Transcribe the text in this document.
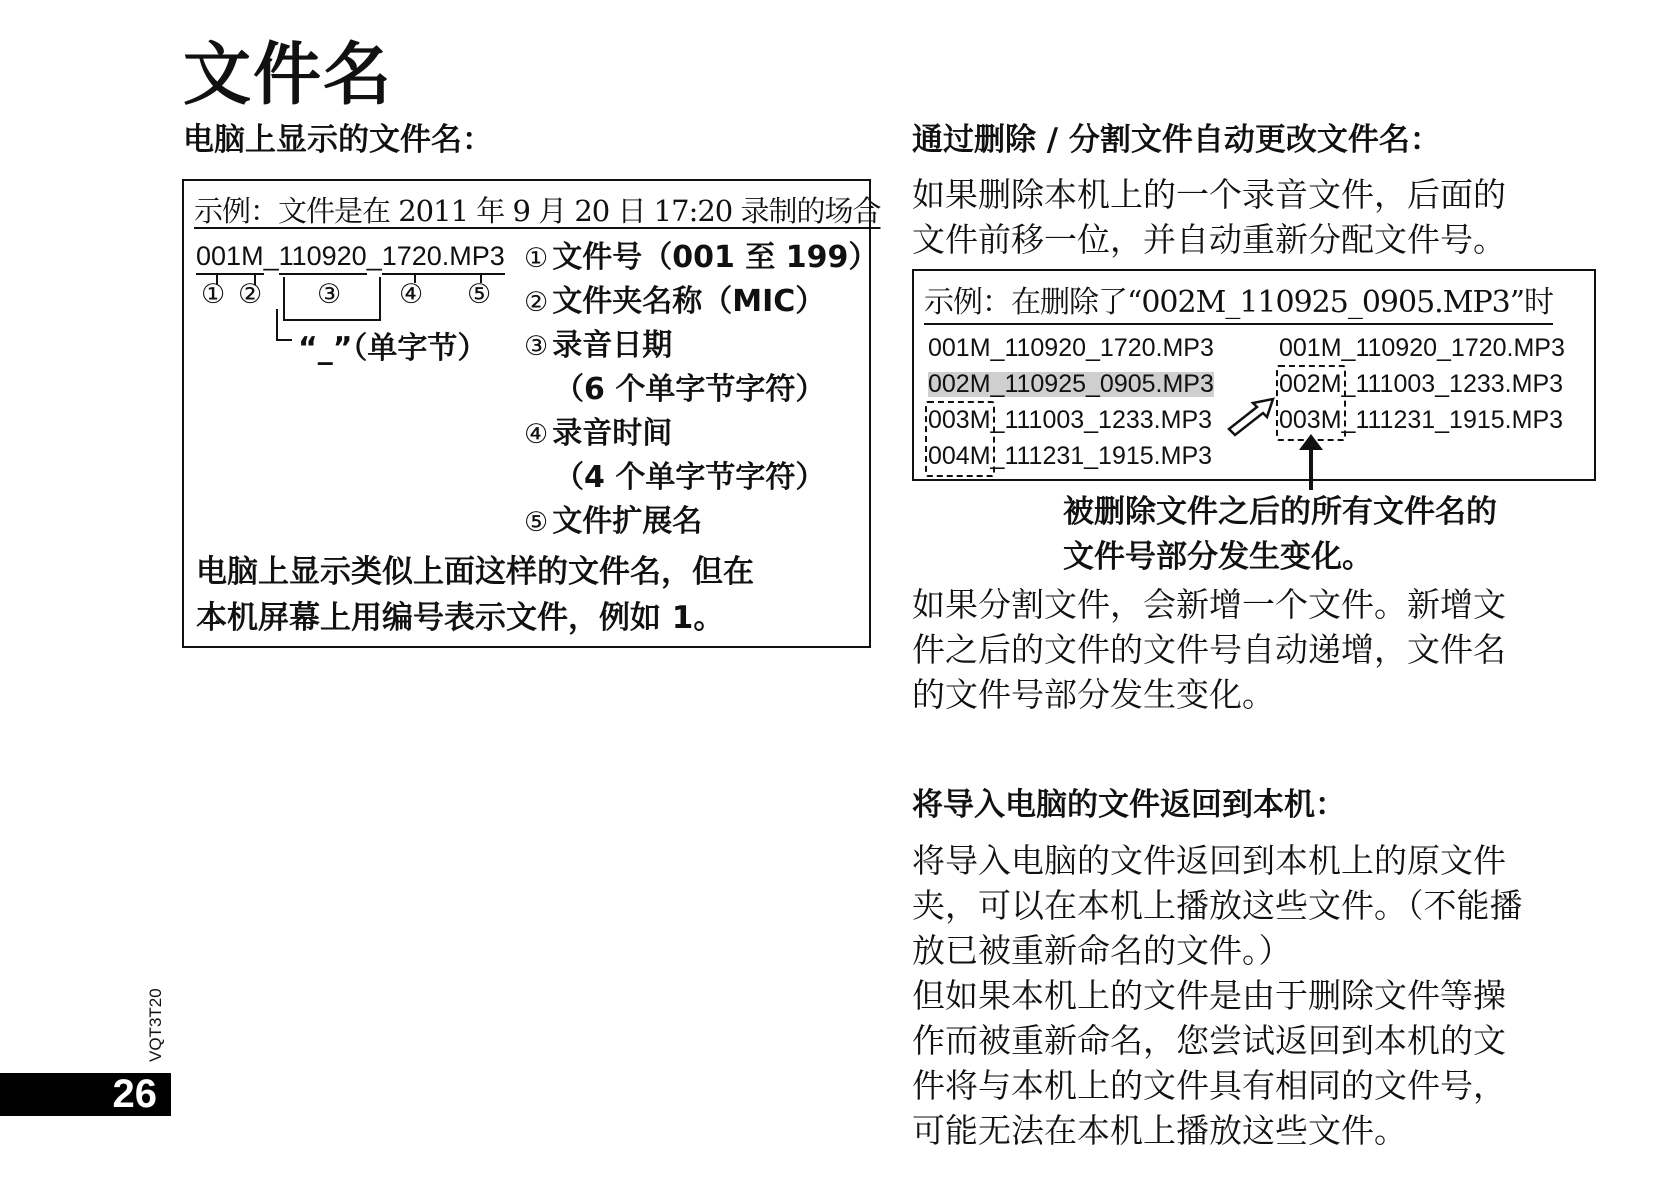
文件名
电脑上显示的文件名：
示例：文件是在 2011 年 9 月 20 日 17:20 录制的场合
001M_110920_1720.MP3
① ② ③ ④ ⑤
“_”（单字节）
① 文件号（001 至 199）
② 文件夹名称（MIC）
③ 录音日期
（6 个单字节字符）
④ 录音时间
（4 个单字节字符）
⑤ 文件扩展名
电脑上显示类似上面这样的文件名，但在
本机屏幕上用编号表示文件，例如 1。
通过删除 / 分割文件自动更改文件名：
如果删除本机上的一个录音文件，后面的
文件前移一位，并自动重新分配文件号。
示例：在删除了“002M_110925_0905.MP3”时
001M_110920_1720.MP3
002M_110925_0905.MP3
003M_111003_1233.MP3
004M_111231_1915.MP3
001M_110920_1720.MP3
002M_111003_1233.MP3
003M_111231_1915.MP3
被删除文件之后的所有文件名的
文件号部分发生变化。
如果分割文件，会新增一个文件。新增文
件之后的文件的文件号自动递增，文件名
的文件号部分发生变化。
将导入电脑的文件返回到本机：
将导入电脑的文件返回到本机上的原文件
夹，可以在本机上播放这些文件。（不能播
放已被重新命名的文件。）
但如果本机上的文件是由于删除文件等操
作而被重新命名，您尝试返回到本机的文
件将与本机上的文件具有相同的文件号，
可能无法在本机上播放这些文件。
VQT3T20
26
